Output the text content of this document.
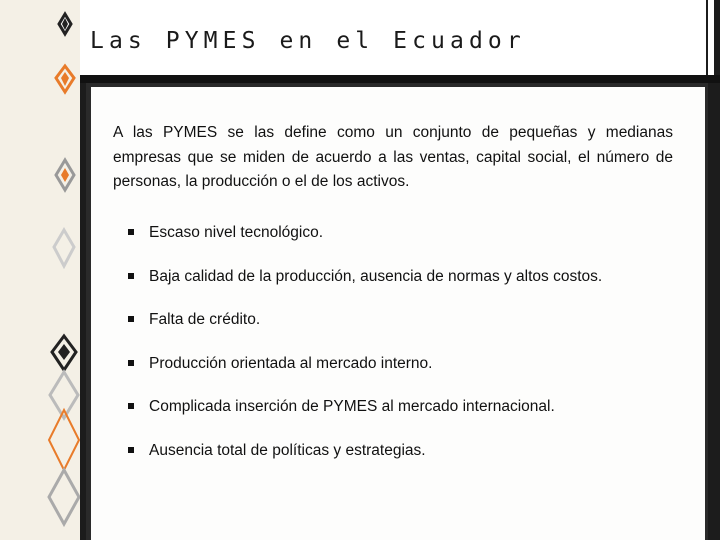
Las PYMES en el Ecuador

A las PYMES se las define como un conjunto de pequeñas y medianas empresas que se miden de acuerdo a las ventas, capital social, el número de personas, la producción o el de los activos.

Escaso nivel tecnológico.
Baja calidad de la producción, ausencia de normas y altos costos.
Falta de crédito.
Producción orientada al mercado interno.
Complicada inserción de PYMES al mercado internacional.
Ausencia total de políticas y estrategias.
